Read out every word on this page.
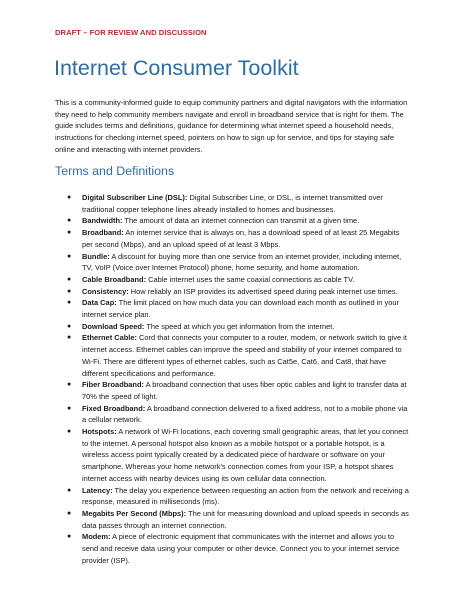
DRAFT – FOR REVIEW AND DISCUSSION
Internet Consumer Toolkit

This is a community-informed guide to equip community partners and digital navigators with the information they need to help community members navigate and enroll in broadband service that is right for them. The guide includes terms and definitions, guidance for determining what internet speed a household needs, instructions for checking internet speed, pointers on how to sign up for service, and tips for staying safe online and interacting with internet providers.

Terms and Definitions
● Digital Subscriber Line (DSL): Digital Subscriber Line, or DSL, is internet transmitted over traditional copper telephone lines already installed to homes and businesses.
● Bandwidth: The amount of data an internet connection can transmit at a given time.
● Broadband: An internet service that is always on, has a download speed of at least 25 Megabits per second (Mbps), and an upload speed of at least 3 Mbps.
● Bundle: A discount for buying more than one service from an internet provider, including internet, TV, VoIP (Voice over Internet Protocol) phone, home security, and home automation.
● Cable Broadband: Cable internet uses the same coaxial connections as cable TV.
● Consistency: How reliably an ISP provides its advertised speed during peak internet use times.
● Data Cap: The limit placed on how much data you can download each month as outlined in your internet service plan.
● Download Speed: The speed at which you get information from the internet.
● Ethernet Cable: Cord that connects your computer to a router, modem, or network switch to give it internet access. Ethernet cables can improve the speed and stability of your internet compared to Wi-Fi. There are different types of ethernet cables, such as Cat5e, Cat6, and Cat8, that have different specifications and performance.
● Fiber Broadband: A broadband connection that uses fiber optic cables and light to transfer data at 70% the speed of light.
● Fixed Broadband: A broadband connection delivered to a fixed address, not to a mobile phone via a cellular network.
● Hotspots: A network of Wi-Fi locations, each covering small geographic areas, that let you connect to the internet. A personal hotspot also known as a mobile hotspot or a portable hotspot, is a wireless access point typically created by a dedicated piece of hardware or software on your smartphone. Whereas your home network's connection comes from your ISP, a hotspot shares internet access with nearby devices using its own cellular data connection.
● Latency: The delay you experience between requesting an action from the network and receiving a response, measured in milliseconds (ms).
● Megabits Per Second (Mbps): The unit for measuring download and upload speeds in seconds as data passes through an internet connection.
● Modem: A piece of electronic equipment that communicates with the internet and allows you to send and receive data using your computer or other device. Connect you to your internet service provider (ISP).
